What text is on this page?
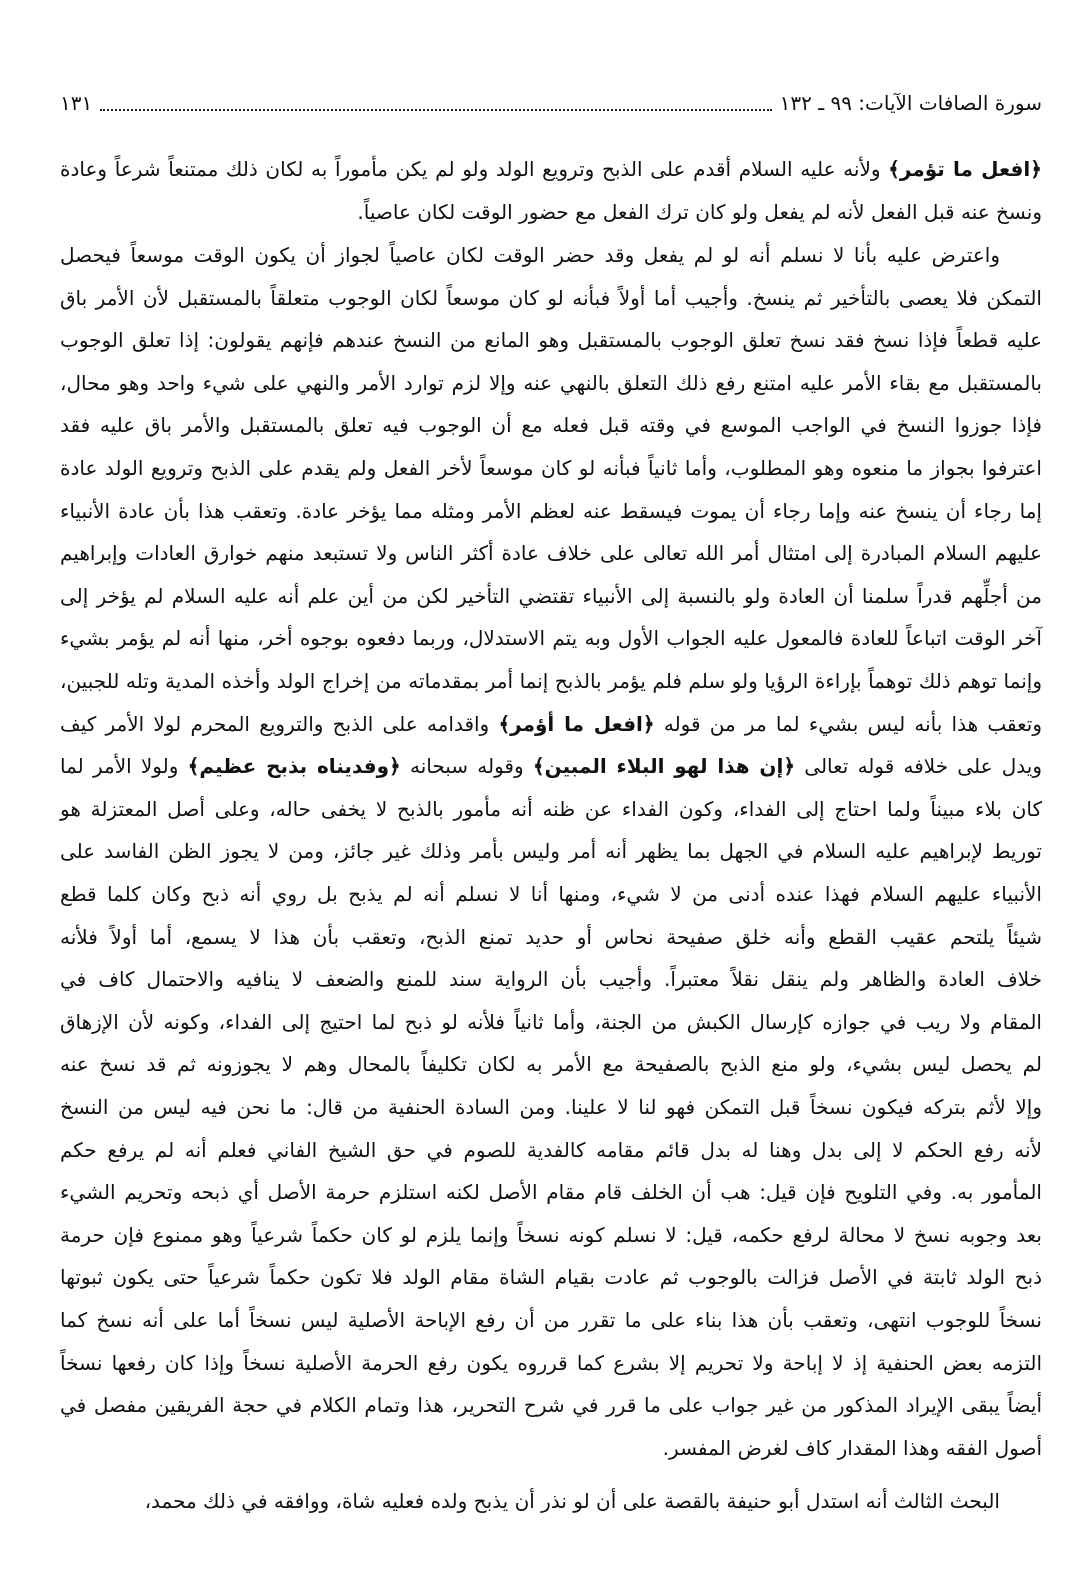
سورة الصافات الآيات: ٩٩ ـ ١٣٢
١٣١
﴿افعل ما تؤمر﴾ ولأنه عليه السلام أقدم على الذبح وترويع الولد ولو لم يكن مأموراً به لكان ذلك ممتنعاً شرعاً وعادة
ونسخ عنه قبل الفعل لأنه لم يفعل ولو كان ترك الفعل مع حضور الوقت لكان عاصياً.
واعترض عليه بأنا لا نسلم أنه لو لم يفعل وقد حضر الوقت لكان عاصياً لجواز أن يكون الوقت موسعاً فيحصل
التمكن فلا يعصى بالتأخير ثم ينسخ. وأجيب أما أولاً فبأنه لو كان موسعاً لكان الوجوب متعلقاً بالمستقبل لأن الأمر باق
عليه قطعاً فإذا نسخ فقد نسخ تعلق الوجوب بالمستقبل وهو المانع من النسخ عندهم فإنهم يقولون: إذا تعلق الوجوب
بالمستقبل مع بقاء الأمر عليه امتنع رفع ذلك التعلق بالنهي عنه وإلا لزم توارد الأمر والنهي على شيء واحد وهو محال،
فإذا جوزوا النسخ في الواجب الموسع في وقته قبل فعله مع أن الوجوب فيه تعلق بالمستقبل والأمر باق عليه فقد
اعترفوا بجواز ما منعوه وهو المطلوب، وأما ثانياً فبأنه لو كان موسعاً لأخر الفعل ولم يقدم على الذبح وترويع الولد عادة
إما رجاء أن ينسخ عنه وإما رجاء أن يموت فيسقط عنه لعظم الأمر ومثله مما يؤخر عادة. وتعقب هذا بأن عادة الأنبياء
عليهم السلام المبادرة إلى امتثال أمر الله تعالى على خلاف عادة أكثر الناس ولا تستبعد منهم خوارق العادات وإبراهيم
من أجلِّهم قدراً سلمنا أن العادة ولو بالنسبة إلى الأنبياء تقتضي التأخير لكن من أين علم أنه عليه السلام لم يؤخر إلى
آخر الوقت اتباعاً للعادة فالمعول عليه الجواب الأول وبه يتم الاستدلال، وربما دفعوه بوجوه أخر، منها أنه لم يؤمر بشيء
وإنما توهم ذلك توهماً بإراءة الرؤيا ولو سلم فلم يؤمر بالذبح إنما أمر بمقدماته من إخراج الولد وأخذه المدية وتله للجبين،
وتعقب هذا بأنه ليس بشيء لما مر من قوله ﴿افعل ما أؤمر﴾ واقدامه على الذبح والترويع المحرم لولا الأمر كيف
ويدل على خلافه قوله تعالى ﴿إن هذا لهو البلاء المبين﴾ وقوله سبحانه ﴿وفديناه بذبح عظيم﴾ ولولا الأمر لما
كان بلاء مبيناً ولما احتاج إلى الفداء، وكون الفداء عن ظنه أنه مأمور بالذبح لا يخفى حاله، وعلى أصل المعتزلة هو
توريط لإبراهيم عليه السلام في الجهل بما يظهر أنه أمر وليس بأمر وذلك غير جائز، ومن لا يجوز الظن الفاسد على
الأنبياء عليهم السلام فهذا عنده أدنى من لا شيء، ومنها أنا لا نسلم أنه لم يذبح بل روي أنه ذبح وكان كلما قطع
شيئاً يلتحم عقيب القطع وأنه خلق صفيحة نحاس أو حديد تمنع الذبح، وتعقب بأن هذا لا يسمع، أما أولاً فلأنه
خلاف العادة والظاهر ولم ينقل نقلاً معتبراً. وأجيب بأن الرواية سند للمنع والضعف لا ينافيه والاحتمال كاف في
المقام ولا ريب في جوازه كإرسال الكبش من الجنة، وأما ثانياً فلأنه لو ذبح لما احتيج إلى الفداء، وكونه لأن الإزهاق
لم يحصل ليس بشيء، ولو منع الذبح بالصفيحة مع الأمر به لكان تكليفاً بالمحال وهم لا يجوزونه ثم قد نسخ عنه
وإلا لأثم بتركه فيكون نسخاً قبل التمكن فهو لنا لا علينا. ومن السادة الحنفية من قال: ما نحن فيه ليس من النسخ
لأنه رفع الحكم لا إلى بدل وهنا له بدل قائم مقامه كالفدية للصوم في حق الشيخ الفاني فعلم أنه لم يرفع حكم
المأمور به. وفي التلويح فإن قيل: هب أن الخلف قام مقام الأصل لكنه استلزم حرمة الأصل أي ذبحه وتحريم الشيء
بعد وجوبه نسخ لا محالة لرفع حكمه، قيل: لا نسلم كونه نسخاً وإنما يلزم لو كان حكماً شرعياً وهو ممنوع فإن حرمة
ذبح الولد ثابتة في الأصل فزالت بالوجوب ثم عادت بقيام الشاة مقام الولد فلا تكون حكماً شرعياً حتى يكون ثبوتها
نسخاً للوجوب انتهى، وتعقب بأن هذا بناء على ما تقرر من أن رفع الإباحة الأصلية ليس نسخاً أما على أنه نسخ كما
التزمه بعض الحنفية إذ لا إباحة ولا تحريم إلا بشرع كما قرروه يكون رفع الحرمة الأصلية نسخاً وإذا كان رفعها نسخاً
أيضاً يبقى الإيراد المذكور من غير جواب على ما قرر في شرح التحرير، هذا وتمام الكلام في حجة الفريقين مفصل في
أصول الفقه وهذا المقدار كاف لغرض المفسر.
البحث الثالث أنه استدل أبو حنيفة بالقصة على أن لو نذر أن يذبح ولده فعليه شاة، ووافقه في ذلك محمد،
